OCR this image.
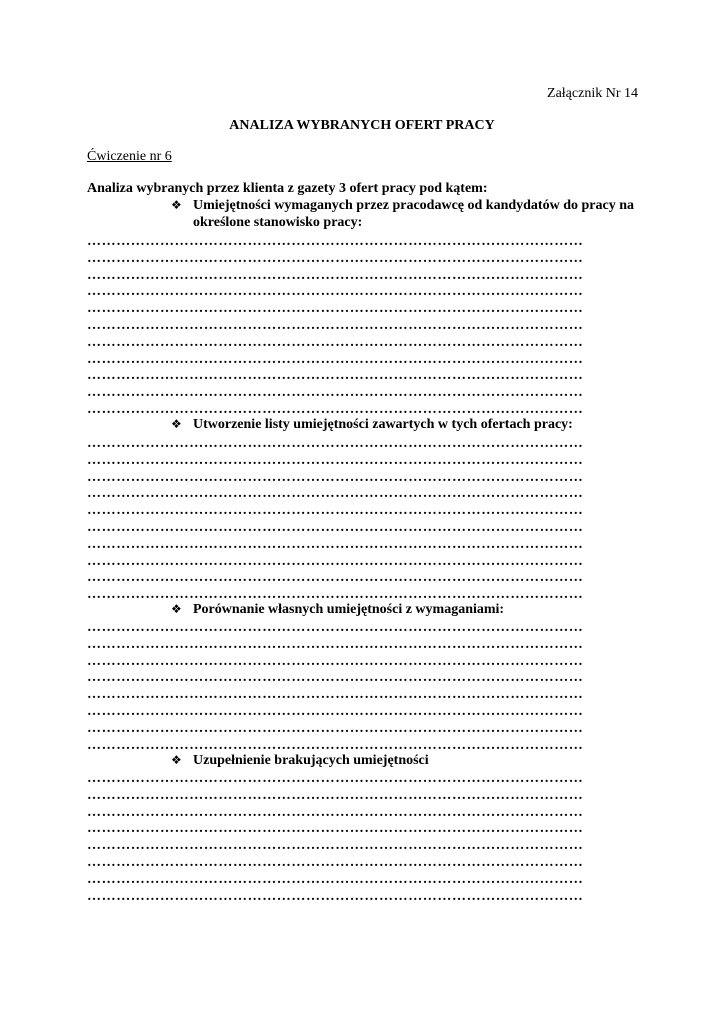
Załącznik Nr 14
ANALIZA WYBRANYCH OFERT PRACY
Ćwiczenie nr 6
Analiza wybranych przez klienta z gazety 3 ofert pracy pod kątem:
❖ Umiejętności wymaganych przez pracodawcę od kandydatów do pracy na określone stanowisko pracy:
❖ Utworzenie listy umiejętności zawartych w tych ofertach pracy:
❖ Porównanie własnych umiejętności z wymaganiami:
❖ Uzupełnienie brakujących umiejętności
…………………………………………………………………………………………
…………………………………………………………………………………………
…………………………………………………………………………………………
…………………………………………………………………………………………
…………………………………………………………………………………………
…………………………………………………………………………………………
…………………………………………………………………………………………
…………………………………………………………………………………………
…………………………………………………………………………………………
…………………………………………………………………………………………
…………………………………………………………………………………………
…………………………………………………………………………………………
…………………………………………………………………………………………
…………………………………………………………………………………………
…………………………………………………………………………………………
…………………………………………………………………………………………
…………………………………………………………………………………………
…………………………………………………………………………………………
…………………………………………………………………………………………
…………………………………………………………………………………………
…………………………………………………………………………………………
…………………………………………………………………………………………
…………………………………………………………………………………………
…………………………………………………………………………………………
…………………………………………………………………………………………
…………………………………………………………………………………………
…………………………………………………………………………………………
…………………………………………………………………………………………
…………………………………………………………………………………………
…………………………………………………………………………………………
…………………………………………………………………………………………
…………………………………………………………………………………………
…………………………………………………………………………………………
…………………………………………………………………………………………
…………………………………………………………………………………………
…………………………………………………………………………………………
…………………………………………………………………………………………
